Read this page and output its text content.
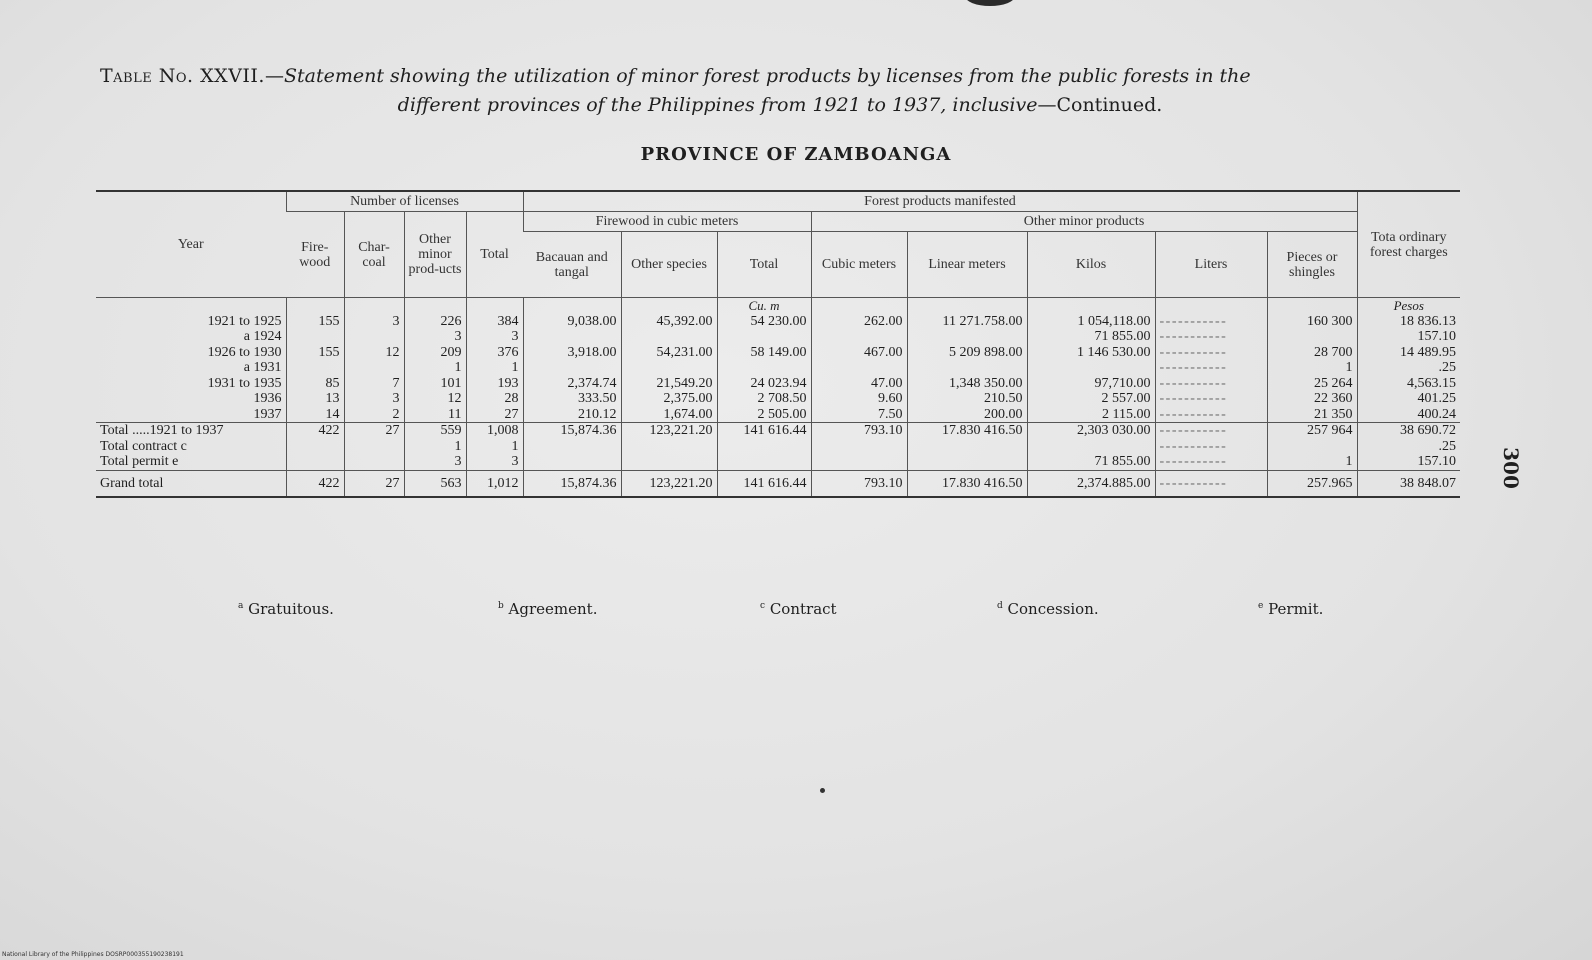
Table No. XXVII.—Statement showing the utilization of minor forest products by licenses from the public forests in the
different provinces of the Philippines from 1921 to 1937, inclusive—Continued.
PROVINCE OF ZAMBOANGA
Year	Number of licenses				Forest products manifested								Tota ordinary forest charges
	Fire-wood	Char-coal	Other minor prod-ucts	Total	Firewood in cubic meters			Other minor products					
					Bacauan and tangal	Other species	Total	Cubic meters	Linear meters	Kilos	Liters	Pieces or shingles	
							Cu. m						Pesos
1921 to 1925	155	3	226	384	9,038.00	45,392.00	54 230.00	262.00	11 271.758.00	1 054,118.00	- - - - - - - - - - -	160 300	18 836.13
a 1924			3	3						71 855.00	- - - - - - - - - - -		157.10
1926 to 1930	155	12	209	376	3,918.00	54,231.00	58 149.00	467.00	5 209 898.00	1 146 530.00	- - - - - - - - - - -	28 700	14 489.95
a 1931			1	1							- - - - - - - - - - -	1	.25
1931 to 1935	85	7	101	193	2,374.74	21,549.20	24 023.94	47.00	1,348 350.00	97,710.00	- - - - - - - - - - -	25 264	4,563.15
1936	13	3	12	28	333.50	2,375.00	2 708.50	9.60	210.50	2 557.00	- - - - - - - - - - -	22 360	401.25
1937	14	2	11	27	210.12	1,674.00	2 505.00	7.50	200.00	2 115.00	- - - - - - - - - - -	21 350	400.24
Total .....1921 to 1937	422	27	559	1,008	15,874.36	123,221.20	141 616.44	793.10	17.830 416.50	2,303 030.00	- - - - - - - - - - -	257 964	38 690.72
Total contract c			1	1							- - - - - - - - - - -		.25
Total permit e			3	3						71 855.00	- - - - - - - - - - -	1	157.10
Grand total	422	27	563	1,012	15,874.36	123,221.20	141 616.44	793.10	17.830 416.50	2,374.885.00	- - - - - - - - - - -	257.965	38 848.07 300
$^a$ Gratuitous.	$^b$ Agreement.	$^c$ Contract	$^d$ Concession.	$^e$ Permit.
National Library of the Philippines DOSRP000355190238191
